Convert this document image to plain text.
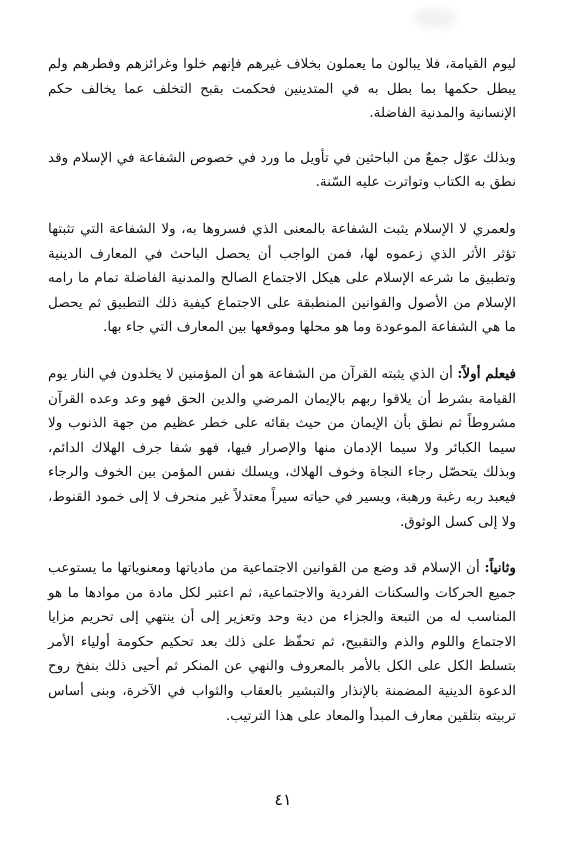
ليوم القيامة، فلا يبالون ما يعملون بخلاف غيرهم فإنهم خلوا وغرائزهم وفطرهم ولم يبطل حكمها بما بطل به في المتدينين فحكمت بقبح التخلف عما يخالف حكم الإنسانية والمدنية الفاضلة.

وبذلك عوّل جمعٌ من الباحثين في تأويل ما ورد في خصوص الشفاعة في الإسلام وقد نطق به الكتاب وتواترت عليه السّنة.

ولعمري لا الإسلام يثبت الشفاعة بالمعنى الذي فسروها به، ولا الشفاعة التي تثبتها تؤثر الأثر الذي زعموه لها، فمن الواجب أن يحصل الباحث في المعارف الدينية وتطبيق ما شرعه الإسلام على هيكل الاجتماع الصالح والمدنية الفاضلة تمام ما رامه الإسلام من الأصول والقوانين المنطبقة على الاجتماع كيفية ذلك التطبيق ثم يحصل ما هي الشفاعة الموعودة وما هو محلها وموقعها بين المعارف التي جاء بها.

فيعلم أولاً: أن الذي يثبته القرآن من الشفاعة هو أن المؤمنين لا يخلدون في النار يوم القيامة بشرط أن يلاقوا ربهم بالإيمان المرضي والدين الحق فهو وعد وعده القرآن مشروطاً ثم نطق بأن الإيمان من حيث بقائه على خطر عظيم من جهة الذنوب ولا سيما الكبائر ولا سيما الإدمان منها والإصرار فيها، فهو شفا جرف الهلاك الدائم، وبذلك يتحصّل رجاء النجاة وخوف الهلاك، ويسلك نفس المؤمن بين الخوف والرجاء فيعبد ربه رغبة ورهبة، ويسير في حياته سيراً معتدلاً غير منحرف لا إلى خمود القنوط، ولا إلى كسل الوثوق.

وثانياً: أن الإسلام قد وضع من القوانين الاجتماعية من مادياتها ومعنوياتها ما يستوعب جميع الحركات والسكنات الفردية والاجتماعية، ثم اعتبر لكل مادة من موادها ما هو المناسب له من التبعة والجزاء من دية وحد وتعزير إلى أن ينتهي إلى تحريم مزايا الاجتماع واللوم والذم والتقبيح، ثم تحفّظ على ذلك بعد تحكيم حكومة أولياء الأمر بتسلط الكل على الكل بالأمر بالمعروف والنهي عن المنكر ثم أحيى ذلك بنفخ روح الدعوة الدينية المضمنة بالإنذار والتبشير بالعقاب والثواب في الآخرة، وبنى أساس تربيته بتلقين معارف المبدأ والمعاد على هذا الترتيب.

٤١
